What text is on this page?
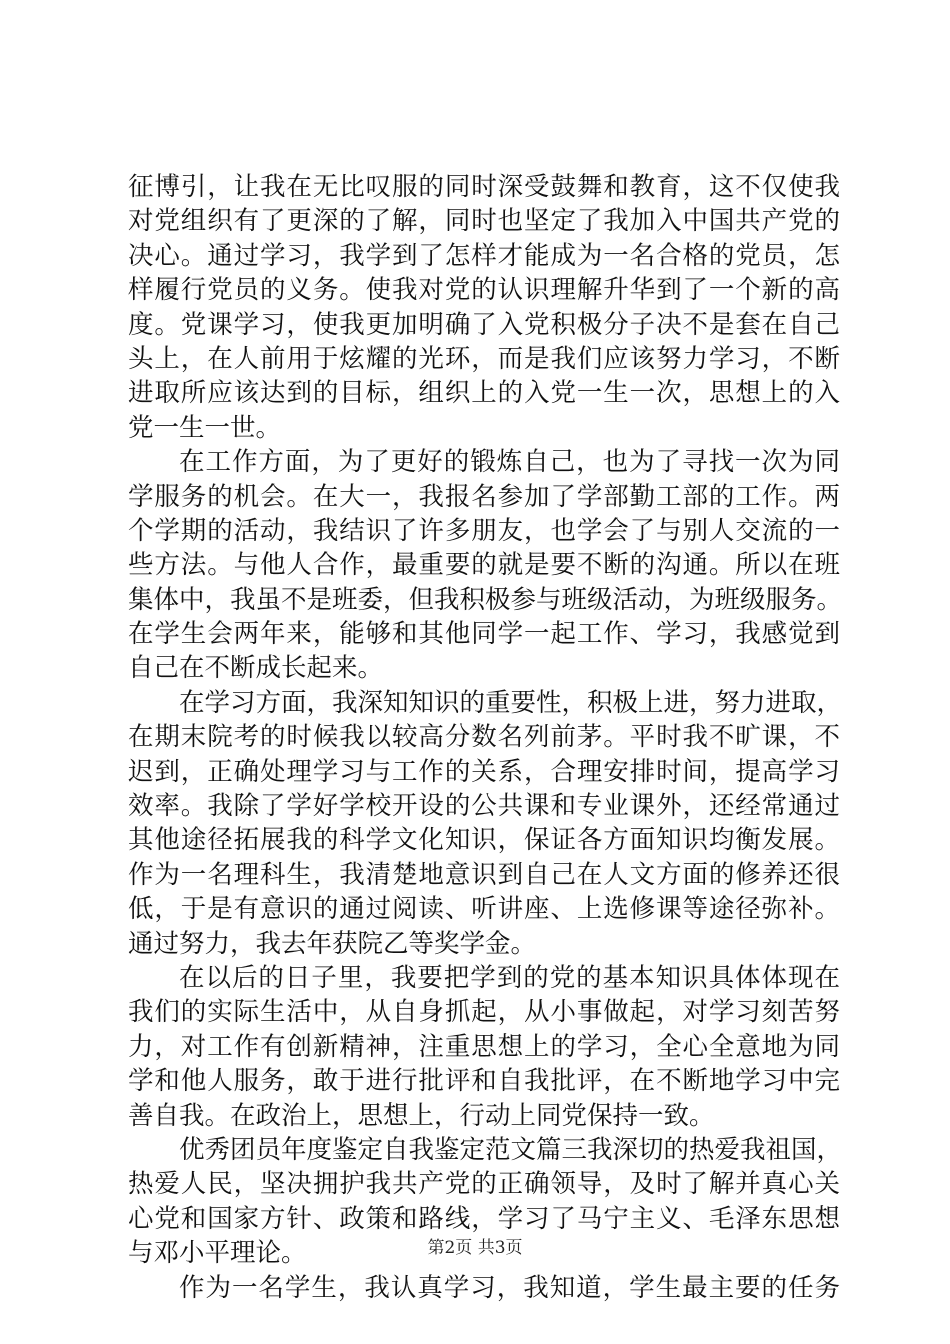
征博引，让我在无比叹服的同时深受鼓舞和教育，这不仅使我
对党组织有了更深的了解，同时也坚定了我加入中国共产党的
决心。通过学习，我学到了怎样才能成为一名合格的党员，怎
样履行党员的义务。使我对党的认识理解升华到了一个新的高
度。党课学习，使我更加明确了入党积极分子决不是套在自己
头上，在人前用于炫耀的光环，而是我们应该努力学习，不断
进取所应该达到的目标，组织上的入党一生一次，思想上的入
党一生一世。
在工作方面，为了更好的锻炼自己，也为了寻找一次为同
学服务的机会。在大一，我报名参加了学部勤工部的工作。两
个学期的活动，我结识了许多朋友，也学会了与别人交流的一
些方法。与他人合作，最重要的就是要不断的沟通。所以在班
集体中，我虽不是班委，但我积极参与班级活动，为班级服务。
在学生会两年来，能够和其他同学一起工作、学习，我感觉到
自己在不断成长起来。
在学习方面，我深知知识的重要性，积极上进，努力进取，
在期末院考的时候我以较高分数名列前茅。平时我不旷课，不
迟到，正确处理学习与工作的关系，合理安排时间，提高学习
效率。我除了学好学校开设的公共课和专业课外，还经常通过
其他途径拓展我的科学文化知识，保证各方面知识均衡发展。
作为一名理科生，我清楚地意识到自己在人文方面的修养还很
低，于是有意识的通过阅读、听讲座、上选修课等途径弥补。
通过努力，我去年获院乙等奖学金。
在以后的日子里，我要把学到的党的基本知识具体体现在
我们的实际生活中，从自身抓起，从小事做起，对学习刻苦努
力，对工作有创新精神，注重思想上的学习，全心全意地为同
学和他人服务，敢于进行批评和自我批评，在不断地学习中完
善自我。在政治上，思想上，行动上同党保持一致。
优秀团员年度鉴定自我鉴定范文篇三我深切的热爱我祖国，
热爱人民，坚决拥护我共产党的正确领导，及时了解并真心关
心党和国家方针、政策和路线，学习了马宁主义、毛泽东思想
与邓小平理论。
作为一名学生，我认真学习，我知道，学生最主要的任务
第2页 共3页
